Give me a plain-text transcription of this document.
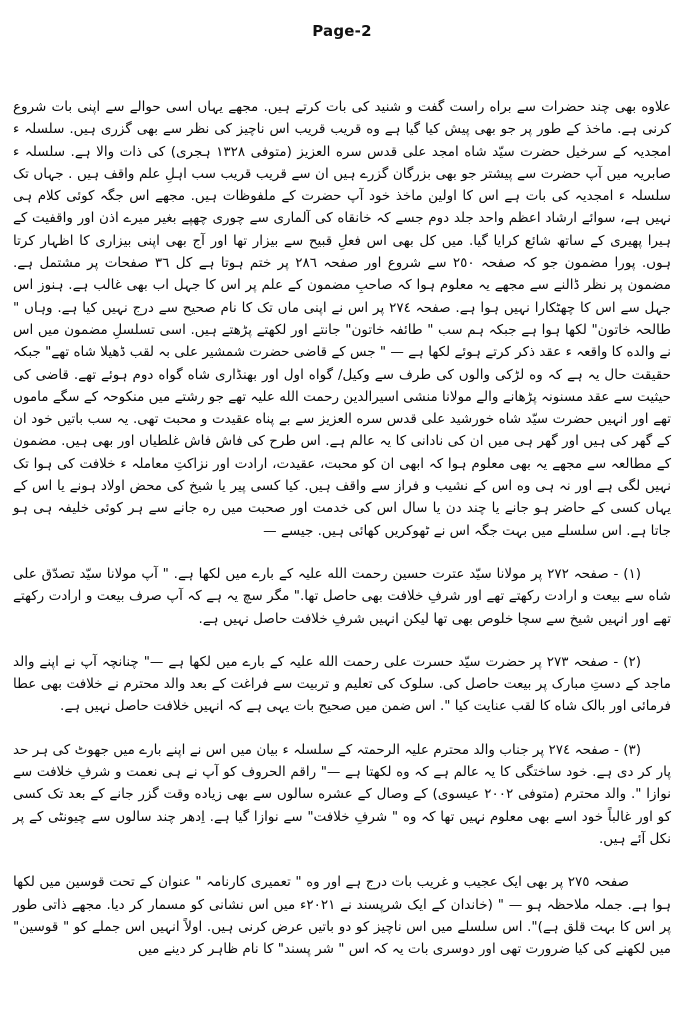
Page-2

علاوه بھی چند حضرات سے براه راست گفت و شنید کی بات کرتے ہیں. مجھے یہاں اسی حوالے سے اپنی بات شروع کرنی ہے. ماخذ کے طور پر جو بھی پیش کیا گیا ہے وه قریب قریب اس ناچیز کی نظر سے بھی گزری ہیں. سلسلہ ء امجدیہ کے سرخیل حضرت سیّد شاه امجد علی قدس سره العزیز (متوفی ١٣٢٨ ہجری) کی ذات والا ہے. سلسلہ ء صابریہ میں آپ حضرت سے پیشتر جو بھی بزرگان گزرے ہیں ان سے قریب قریب سب اہلِ علم واقف ہیں . جہاں تک سلسلہ ء امجدیہ کی بات ہے اس کا اولین ماخذ خود آپ حضرت کے ملفوظات ہیں. مجھے اس جگہ کوئی کلام ہی نہیں ہے، سوائے ارشاد اعظم واحد جلد دوم جسے کہ خانقاه کی آلماری سے چوری چھپے بغیر میرے اذن اور واقفیت کے ہیرا پھیری کے ساتھ شائع کرایا گیا. میں کل بھی اس فعلِ قبیح سے بیزار تھا اور آج بھی اپنی بیزاری کا اظہار کرتا ہوں. پورا مضمون جو کہ صفحہ ٢٥٠ سے شروع اور صفحہ ٢٨٦ پر ختم ہوتا ہے کل ٣٦ صفحات پر مشتمل ہے. مضمون پر نظر ڈالنے سے مجھے یہ معلوم ہوا کہ صاحبِ مضمون کے علم پر اس کا جہل اب بھی غالب ہے. ہنوز اس جہل سے اس کا چھٹکارا نہیں ہوا ہے. صفحہ ٢٧٤ پر اس نے اپنی ماں تک کا نام صحیح سے درج نہیں کیا ہے. وہاں " طالحہ خاتون" لکھا ہوا ہے جبکہ ہم سب " طائفہ خاتون" جانتے اور لکھتے پڑھتے ہیں. اسی تسلسلِ مضمون میں اس نے والده کا واقعہ ء عقد ذکر کرتے ہوئے لکھا ہے — " جس کے قاضی حضرت شمشیر علی بہ لقب ڈھیلا شاه تھے" جبکہ حقیقت حال یہ ہے کہ وه لڑکی والوں کی طرف سے وکیل/ گواه اول اور بھنڈاری شاه گواه دوم ہوئے تھے. قاضی کی حیثیت سے عقد مسنونہ پڑھانے والے مولانا منشی اسیرالدین رحمت الله علیہ تھے جو رشتے میں منکوحہ کے سگے ماموں تھے اور انہیں حضرت سیّد شاه خورشید علی قدس سره العزیز سے بے پناه عقیدت و محبت تھی. یہ سب باتیں خود ان کے گھر کی ہیں اور گھر ہی میں ان کی نادانی کا یہ عالم ہے. اس طرح کی فاش فاش غلطیاں اور بھی ہیں. مضمون کے مطالعہ سے مجھے یہ بھی معلوم ہوا کہ ابھی ان کو محبت، عقیدت، ارادت اور نزاکتِ معاملہ ء خلافت کی ہوا تک نہیں لگی ہے اور نہ ہی وه اس کے نشیب و فراز سے واقف ہیں. کیا کسی پیر یا شیخ کی محض اولاد ہونے یا اس کے یہاں کسی کے حاضر ہو جانے یا چند دن یا سال اس کی خدمت اور صحبت میں ره جانے سے ہر کوئی خلیفہ ہی ہو جاتا ہے. اس سلسلے میں بہت جگہ اس نے ٹھوکریں کھائی ہیں. جیسے —

(١) - صفحہ ٢٧٢ پر مولانا سیّد عترت حسین رحمت الله علیہ کے بارے میں لکھا ہے. " آپ مولانا سیّد تصدّق علی شاه سے بیعت و ارادت رکھتے تھے اور شرفِ خلافت بھی حاصل تھا." مگر سچ یہ ہے کہ آپ صرف بیعت و ارادت رکھتے تھے اور انہیں شیخ سے سچا خلوص بھی تھا لیکن انہیں شرفِ خلافت حاصل نہیں ہے.

(٢) - صفحہ ٢٧٣ پر حضرت سیّد حسرت علی رحمت الله علیہ کے بارے میں لکھا ہے —" چنانچہ آپ نے اپنے والد ماجد کے دستِ مبارک پر بیعت حاصل کی. سلوک کی تعلیم و تربیت سے فراغت کے بعد والد محترم نے خلافت بھی عطا فرمائی اور بالک شاه کا لقب عنایت کیا ". اس ضمن میں صحیح بات یہی ہے کہ انہیں خلافت حاصل نہیں ہے.

(٣) - صفحہ ٢٧٤ پر جناب والد محترم علیہ الرحمتہ کے سلسلہ ء بیان میں اس نے اپنے بارے میں جھوٹ کی ہر حد پار کر دی ہے. خود ساختگی کا یہ عالم ہے کہ وه لکھتا ہے —" راقم الحروف کو آپ نے ہی نعمت و شرفِ خلافت سے نوازا ". والد محترم (متوفی ٢٠٠٢ عیسوی) کے وصال کے عشره سالوں سے بھی زیاده وقت گزر جانے کے بعد تک کسی کو اور غالباً خود اسے بھی معلوم نہیں تھا کہ وه " شرفِ خلافت" سے نوازا گیا ہے. اِدھر چند سالوں سے چیونٹی کے پر نکل آئے ہیں.

صفحہ ٢٧٥ پر بھی ایک عجیب و غریب بات درج ہے اور وه " تعمیری کارنامہ " عنوان کے تحت قوسین میں لکھا ہوا ہے. جملہ ملاحظہ ہو — " (خاندان کے ایک شرپسند نے ٢٠٢١ء میں اس نشانی کو مسمار کر دیا. مجھے ذاتی طور پر اس کا بہت قلق ہے)". اس سلسلے میں اس ناچیز کو دو باتیں عرض کرنی ہیں. اولاً انہیں اس جملے کو " قوسین" میں لکھنے کی کیا ضرورت تھی اور دوسری بات یہ کہ اس " شر پسند" کا نام ظاہر کر دینے میں
